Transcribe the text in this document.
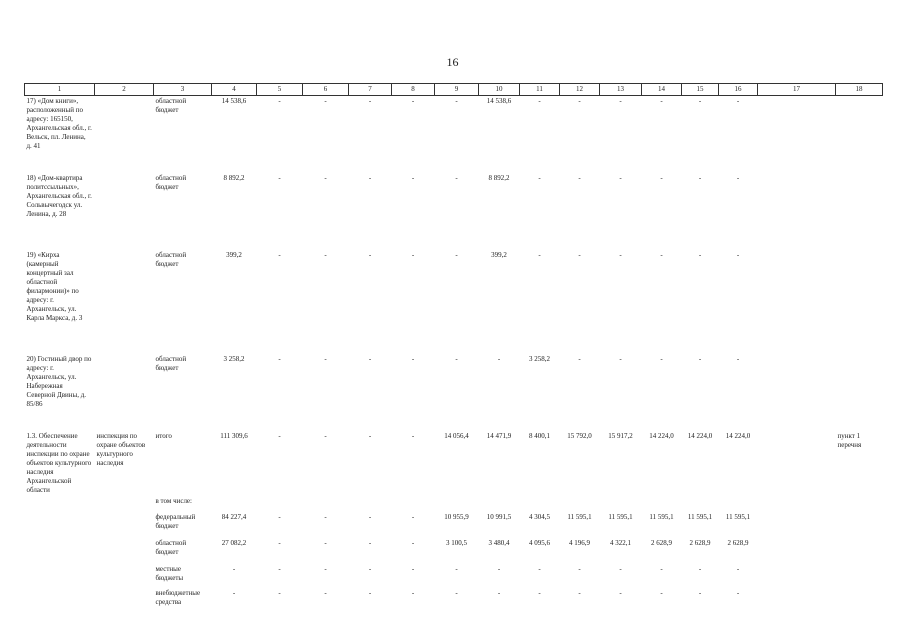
16
1	2	3	4	5	6	7	8	9	10	11	12	13	14	15	16	17	18
17) «Дом книги», расположенный по адресу: 165150, Архангельская обл., г. Вельск, пл. Ленина, д. 41		областной бюджет	14 538,6	-	-	-	-	-	14 538,6	-	-	-	-	-	-		
18) «Дом-квартира политссыльных», Архангельская обл., г. Сольвычегодск ул. Ленина, д. 28		областной бюджет	8 892,2	-	-	-	-	-	8 892,2	-	-	-	-	-	-		
19) «Кирха (камерный концертный зал областной филармонии)» по адресу: г. Архангельск, ул. Карла Маркса, д. 3		областной бюджет	399,2	-	-	-	-	-	399,2	-	-	-	-	-	-		
20) Гостиный двор по адресу: г. Архангельск, ул. Набережная Северной Двины, д. 85/86		областной бюджет	3 258,2	-	-	-	-	-	-	3 258,2	-	-	-	-	-		
1.3. Обеспечение деятельности инспекции по охране объектов культурного наследия Архангельской области	инспекция по охране объектов культурного наследия	итого	111 309,6	-	-	-	-	14 056,4	14 471,9	8 400,1	15 792,0	15 917,2	14 224,0	14 224,0	14 224,0		пункт 1 перечня
		в том числе:															
		федеральный бюджет	84 227,4	-	-	-	-	10 955,9	10 991,5	4 304,5	11 595,1	11 595,1	11 595,1	11 595,1	11 595,1		
		областной бюджет	27 082,2	-	-	-	-	3 100,5	3 480,4	4 095,6	4 196,9	4 322,1	2 628,9	2 628,9	2 628,9		
		местные бюджеты	-	-	-	-	-	-	-	-	-	-	-	-	-		
		внебюджетные средства	-	-	-	-	-	-	-	-	-	-	-	-	-		
